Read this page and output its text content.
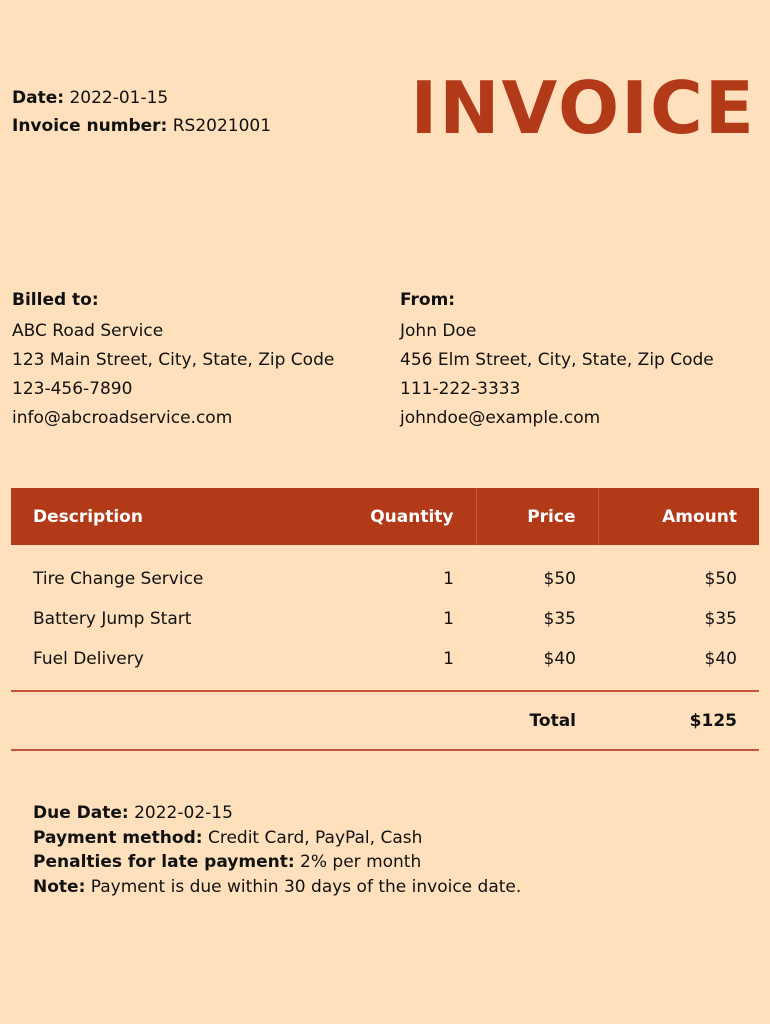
Date: 2022-01-15
Invoice number: RS2021001 INVOICE
Billed to:
ABC Road Service
123 Main Street, City, State, Zip Code
123-456-7890
info@abcroadservice.com
From:
John Doe
456 Elm Street, City, State, Zip Code
111-222-3333
johndoe@example.com
Description	Quantity	Price	Amount
Tire Change Service	1	$50	$50
Battery Jump Start	1	$35	$35
Fuel Delivery	1	$40	$40
		Total	$125
Due Date: 2022-02-15
Payment method: Credit Card, PayPal, Cash
Penalties for late payment: 2% per month
Note: Payment is due within 30 days of the invoice date.
